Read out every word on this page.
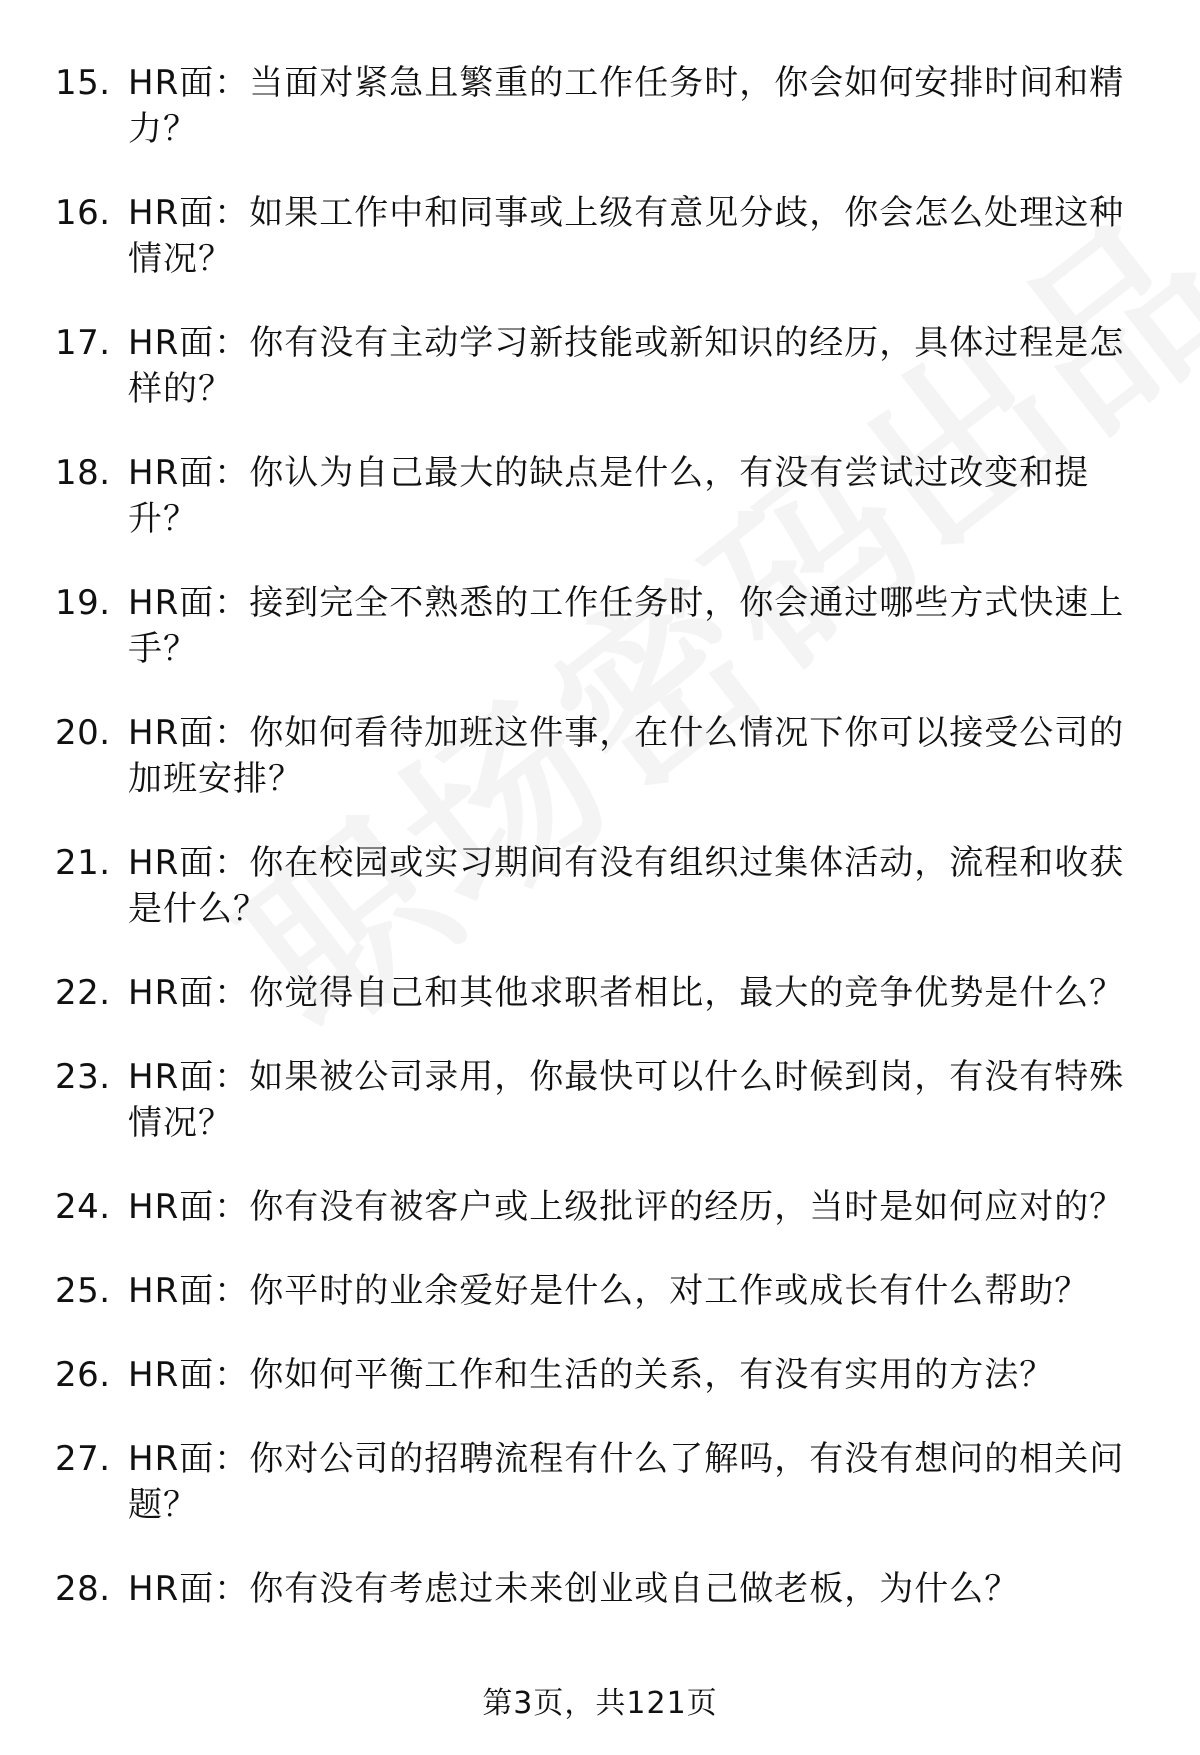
15. HR面：当面对紧急且繁重的工作任务时，你会如何安排时间和精力？
16. HR面：如果工作中和同事或上级有意见分歧，你会怎么处理这种情况？
17. HR面：你有没有主动学习新技能或新知识的经历，具体过程是怎样的？
18. HR面：你认为自己最大的缺点是什么，有没有尝试过改变和提升？
19. HR面：接到完全不熟悉的工作任务时，你会通过哪些方式快速上手？
20. HR面：你如何看待加班这件事，在什么情况下你可以接受公司的加班安排？
21. HR面：你在校园或实习期间有没有组织过集体活动，流程和收获是什么？
22. HR面：你觉得自己和其他求职者相比，最大的竞争优势是什么？
23. HR面：如果被公司录用，你最快可以什么时候到岗，有没有特殊情况？
24. HR面：你有没有被客户或上级批评的经历，当时是如何应对的？
25. HR面：你平时的业余爱好是什么，对工作或成长有什么帮助？
26. HR面：你如何平衡工作和生活的关系，有没有实用的方法？
27. HR面：你对公司的招聘流程有什么了解吗，有没有想问的相关问题？
28. HR面：你有没有考虑过未来创业或自己做老板，为什么？
第3页，共121页
